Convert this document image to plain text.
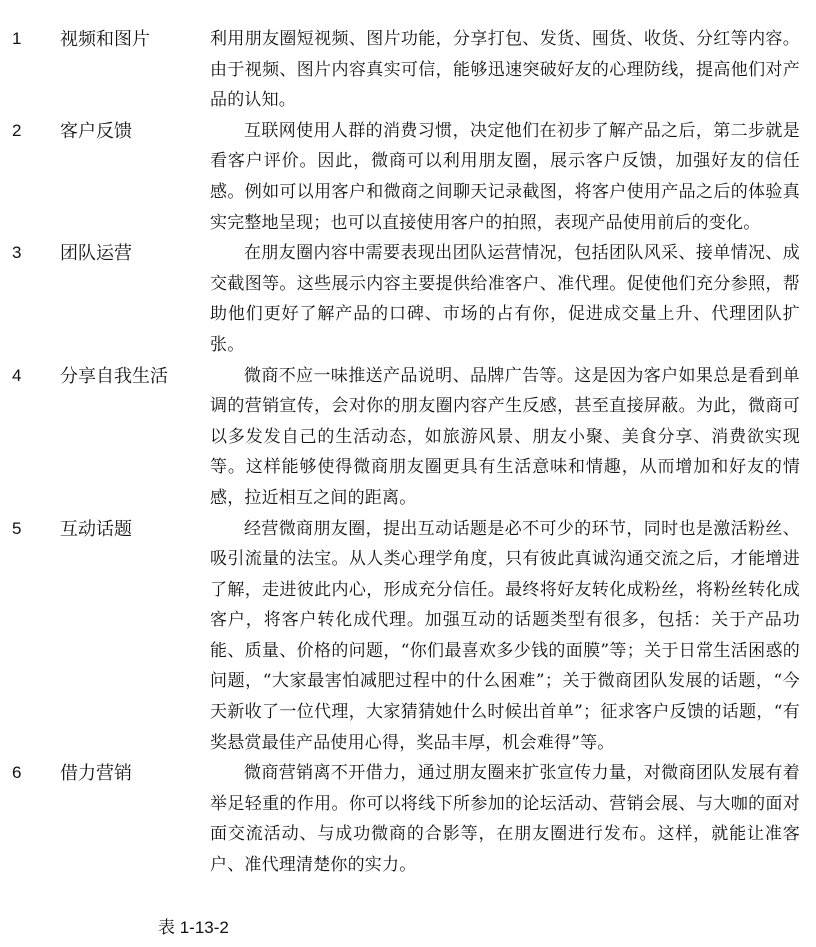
1	视频和图片	利用朋友圈短视频、图片功能，分享打包、发货、囤货、收货、分红等内容。由于视频、图片内容真实可信，能够迅速突破好友的心理防线，提高他们对产品的认知。
2	客户反馈	互联网使用人群的消费习惯，决定他们在初步了解产品之后，第二步就是看客户评价。因此，微商可以利用朋友圈，展示客户反馈，加强好友的信任感。例如可以用客户和微商之间聊天记录截图，将客户使用产品之后的体验真实完整地呈现；也可以直接使用客户的拍照，表现产品使用前后的变化。
3	团队运营	在朋友圈内容中需要表现出团队运营情况，包括团队风采、接单情况、成交截图等。这些展示内容主要提供给准客户、准代理。促使他们充分参照，帮助他们更好了解产品的口碑、市场的占有你，促进成交量上升、代理团队扩张。
4	分享自我生活	微商不应一味推送产品说明、品牌广告等。这是因为客户如果总是看到单调的营销宣传，会对你的朋友圈内容产生反感，甚至直接屏蔽。为此，微商可以多发发自己的生活动态，如旅游风景、朋友小聚、美食分享、消费欲实现等。这样能够使得微商朋友圈更具有生活意味和情趣，从而增加和好友的情感，拉近相互之间的距离。
5	互动话题	经营微商朋友圈，提出互动话题是必不可少的环节，同时也是激活粉丝、吸引流量的法宝。从人类心理学角度，只有彼此真诚沟通交流之后，才能增进了解，走进彼此内心，形成充分信任。最终将好友转化成粉丝，将粉丝转化成客户，将客户转化成代理。加强互动的话题类型有很多，包括：关于产品功能、质量、价格的问题，“你们最喜欢多少钱的面膜”等；关于日常生活困惑的问题，“大家最害怕减肥过程中的什么困难”；关于微商团队发展的话题，“今天新收了一位代理，大家猜猜她什么时候出首单”；征求客户反馈的话题，“有奖悬赏最佳产品使用心得，奖品丰厚，机会难得”等。
6	借力营销	微商营销离不开借力，通过朋友圈来扩张宣传力量，对微商团队发展有着举足轻重的作用。你可以将线下所参加的论坛活动、营销会展、与大咖的面对面交流活动、与成功微商的合影等，在朋友圈进行发布。这样，就能让准客户、准代理清楚你的实力。
表 1-13-2
